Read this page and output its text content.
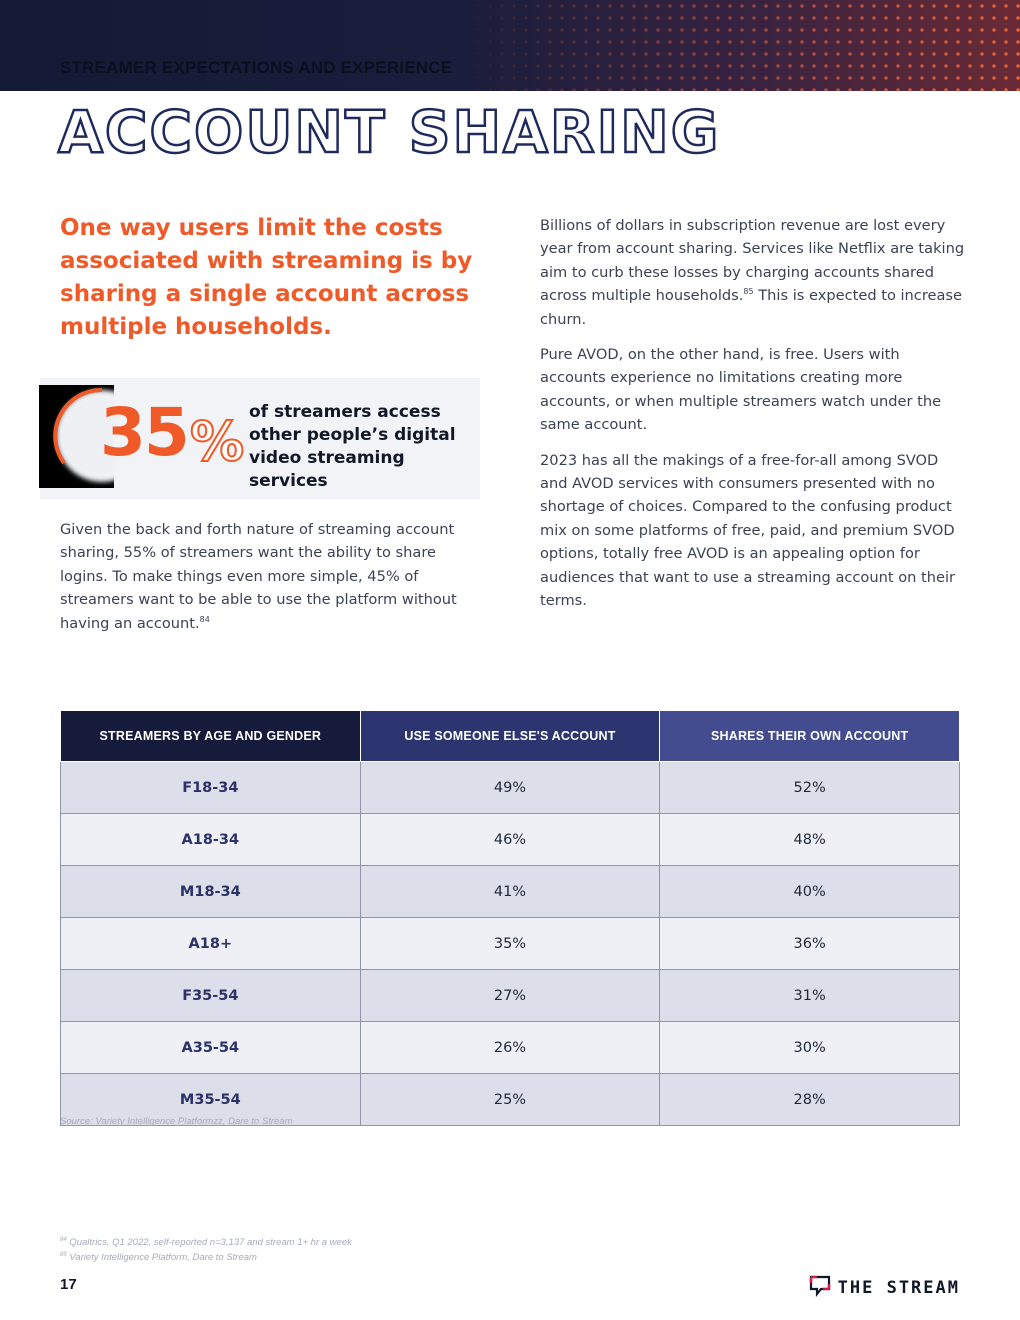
STREAMER EXPECTATIONS AND EXPERIENCE
ACCOUNT SHARING

One way users limit the costs associated with streaming is by sharing a single account across multiple households.

35 % of streamers access other people’s digital video streaming services

Given the back and forth nature of streaming account sharing, 55% of streamers want the ability to share logins. To make things even more simple, 45% of streamers want to be able to use the platform without having an account.$^{84}$

Billions of dollars in subscription revenue are lost every year from account sharing. Services like Netflix are taking aim to curb these losses by charging accounts shared across multiple households.$^{85}$ This is expected to increase churn.

Pure AVOD, on the other hand, is free. Users with accounts experience no limitations creating more accounts, or when multiple streamers watch under the same account.

2023 has all the makings of a free-for-all among SVOD and AVOD services with consumers presented with no shortage of choices. Compared to the confusing product mix on some platforms of free, paid, and premium SVOD options, totally free AVOD is an appealing option for audiences that want to use a streaming account on their terms.

STREAMERS BY AGE AND GENDER	USE SOMEONE ELSE'S ACCOUNT	SHARES THEIR OWN ACCOUNT
F18-34	49%	52%
A18-34	46%	48%
M18-34	41%	40%
A18+	35%	36%
F35-54	27%	31%
A35-54	26%	30%
M35-54	25%	28%

Source: Variety Intelligence Platformzz, Dare to Stream

$^{84}$ Qualtrics, Q1 2022, self-reported n=3,137 and stream 1+ hr a week
$^{85}$ Variety Intelligence Platform, Dare to Stream
17	THE STREAM
